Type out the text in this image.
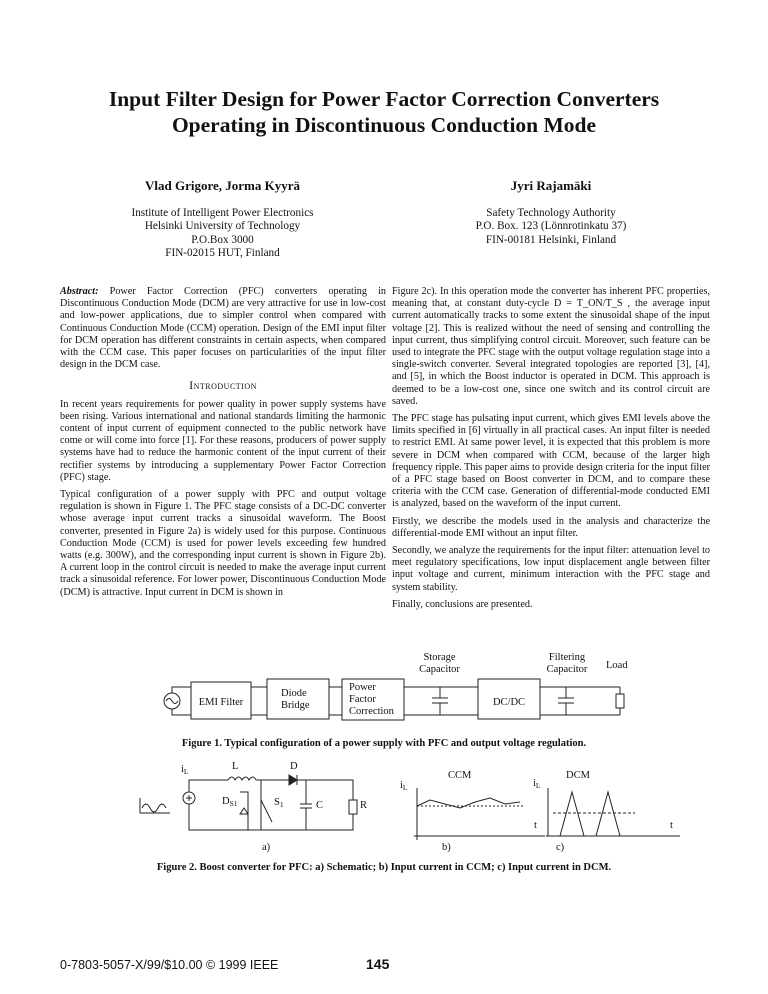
Input Filter Design for Power Factor Correction Converters
Operating in Discontinuous Conduction Mode
Vlad Grigore, Jorma Kyyrä	Jyri Rajamäki
Institute of Intelligent Power Electronics
Helsinki University of Technology
P.O.Box 3000
FIN-02015 HUT, Finland
Safety Technology Authority
P.O. Box. 123 (Lönnrotinkatu 37)
FIN-00181 Helsinki, Finland

Abstract: Power Factor Correction (PFC) converters operating in Discontinuous Conduction Mode (DCM) are very attractive for use in low-cost and low-power applications, due to simpler control when compared with Continuous Conduction Mode (CCM) operation. Design of the EMI input filter for DCM operation has different constraints in certain aspects, when compared with the CCM case. This paper focuses on particularities of the input filter design in the DCM case.

Introduction

In recent years requirements for power quality in power supply systems have been rising. Various international and national standards limiting the harmonic content of input current of equipment connected to the public network have come or will come into force [1]. For these reasons, producers of power supply systems have had to reduce the harmonic content of the input current of their rectifier systems by introducing a supplementary Power Factor Correction (PFC) stage.

Typical configuration of a power supply with PFC and output voltage regulation is shown in Figure 1. The PFC stage consists of a DC-DC converter whose average input current tracks a sinusoidal waveform. The Boost converter, presented in Figure 2a) is widely used for this purpose. Continuous Conduction Mode (CCM) is used for power levels exceeding few hundred watts (e.g. 300W), and the corresponding input current is shown in Figure 2b). A current loop in the control circuit is needed to make the average input current track a sinusoidal reference. For lower power, Discontinuous Conduction Mode (DCM) is attractive. Input current in DCM is shown in

Figure 2c). In this operation mode the converter has inherent PFC properties, meaning that, at constant duty-cycle D = T_ON/T_S , the average input current automatically tracks to some extent the sinusoidal shape of the input voltage [2]. This is realized without the need of sensing and controlling the input current, thus simplifying control circuit. Moreover, such feature can be used to integrate the PFC stage with the output voltage regulation stage into a single-switch converter. Several integrated topologies are reported [3], [4], and [5], in which the Boost inductor is operated in DCM. This approach is deemed to be a low-cost one, since one switch and its control circuit are saved.

The PFC stage has pulsating input current, which gives EMI levels above the limits specified in [6] virtually in all practical cases. An input filter is needed to restrict EMI. At same power level, it is expected that this problem is more severe in DCM when compared with CCM, because of the larger high frequency ripple. This paper aims to provide design criteria for the input filter of a PFC stage based on Boost converter in DCM, and to compare these criteria with the CCM case. Generation of differential-mode conducted EMI is analyzed, based on the waveform of the input current.

Firstly, we describe the models used in the analysis and characterize the differential-mode EMI without an input filter.

Secondly, we analyze the requirements for the input filter: attenuation level to meet regulatory specifications, low input displacement angle between filter input voltage and current, minimum interaction with the PFC stage and system stability.

Finally, conclusions are presented.

EMI Filter
Diode Bridge
Power Factor Correction
DC/DC
Load
Storage Capacitor
Filtering Capacitor
Figure 1. Typical configuration of a power supply with PFC and output voltage regulation.
iL	L	D
DS1	S1	C	R
iL
CCM
t
iL
DCM
t
a)	b)	c)
Figure 2. Boost converter for PFC: a) Schematic; b) Input current in CCM; c) Input current in DCM.
0-7803-5057-X/99/$10.00 © 1999 IEEE	145
